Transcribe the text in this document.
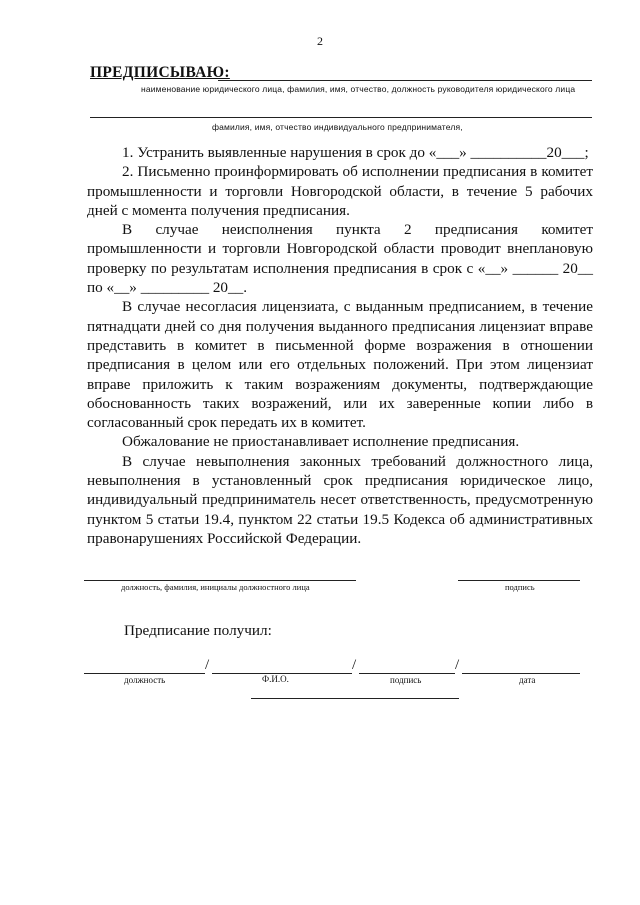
2
ПРЕДПИСЫВАЮ:
наименование юридического лица, фамилия, имя, отчество, должность руководителя юридического лица
фамилия, имя, отчество индивидуального предпринимателя,

1. Устранить выявленные нарушения в срок до «___» __________20___;

2. Письменно проинформировать об исполнении предписания в комитет промышленности и торговли Новгородской области, в течение 5 рабочих дней с момента получения предписания.

В случае неисполнения пункта 2 предписания комитет промышленности и торговли Новгородской области проводит внеплановую проверку по результатам исполнения предписания в срок с «__» ______ 20__ по «__» _________ 20__.

В случае несогласия лицензиата, с выданным предписанием, в течение пятнадцати дней со дня получения выданного предписания лицензиат вправе представить в комитет в письменной форме возражения в отношении предписания в целом или его отдельных положений. При этом лицензиат вправе приложить к таким возражениям документы, подтверждающие обоснованность таких возражений, или их заверенные копии либо в согласованный срок передать их в комитет.

Обжалование не приостанавливает исполнение предписания.

В случае невыполнения законных требований должностного лица, невыполнения в установленный срок предписания юридическое лицо, индивидуальный предприниматель несет ответственность, предусмотренную пунктом 5 статьи 19.4, пунктом 22 статьи 19.5 Кодекса об административных правонарушениях Российской Федерации.

должность, фамилия, инициалы должностного лица	подпись
Предписание получил:
/	/	/
должность	Ф.И.О.	подпись	дата
